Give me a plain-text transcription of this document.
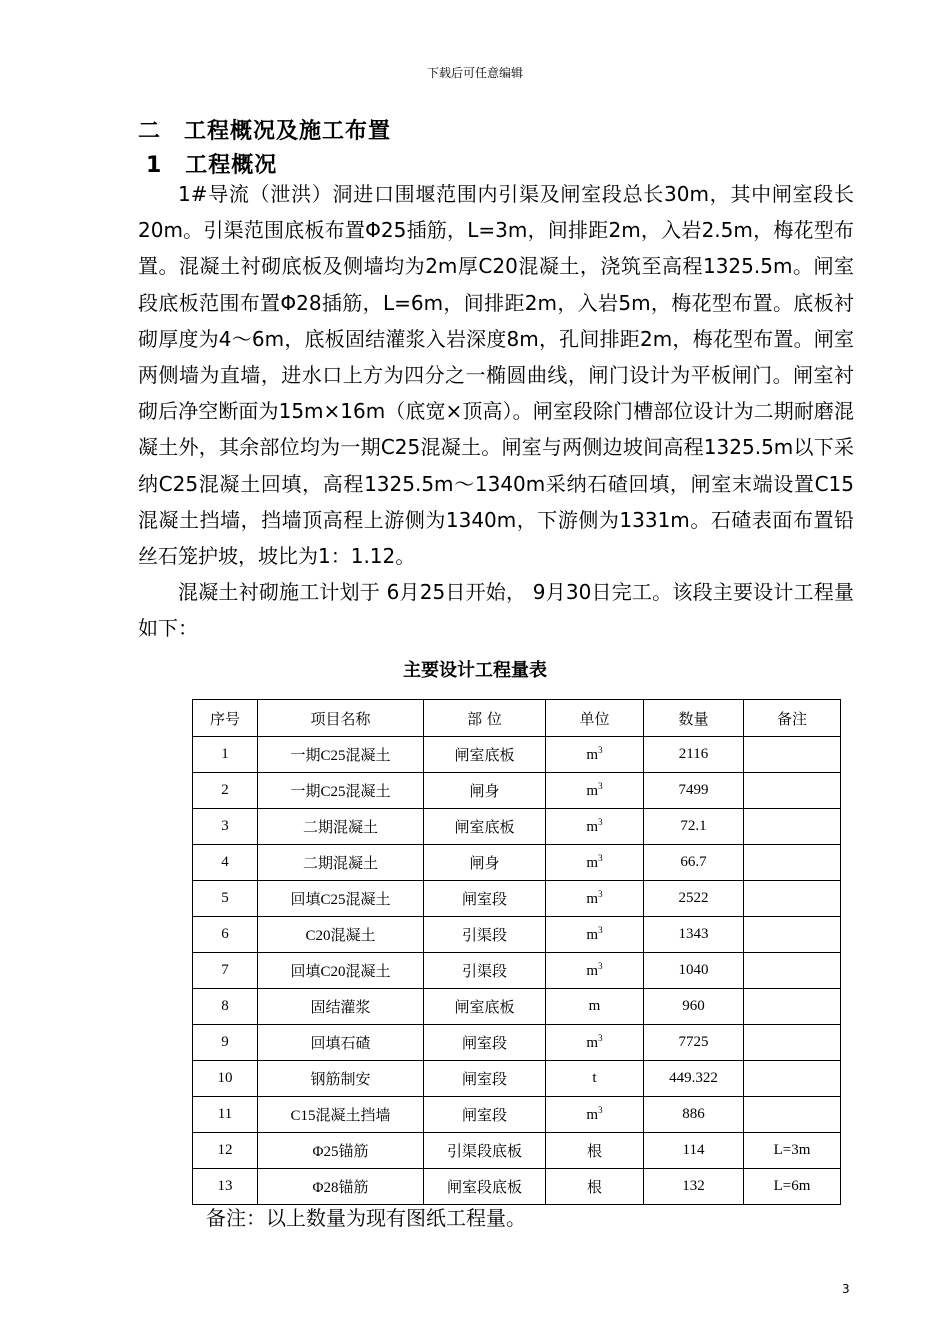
下载后可任意编辑
二　工程概况及施工布置
1　工程概况

1#导流（泄洪）洞进口围堰范围内引渠及闸室段总长30m，其中闸室段长20m。引渠范围底板布置Φ25插筋，L=3m，间排距2m，入岩2.5m，梅花型布置。混凝土衬砌底板及侧墙均为2m厚C20混凝土，浇筑至高程1325.5m。闸室段底板范围布置Φ28插筋，L=6m，间排距2m，入岩5m，梅花型布置。底板衬砌厚度为4～6m，底板固结灌浆入岩深度8m，孔间排距2m，梅花型布置。闸室两侧墙为直墙，进水口上方为四分之一椭圆曲线，闸门设计为平板闸门。闸室衬砌后净空断面为15m×16m（底宽×顶高）。闸室段除门槽部位设计为二期耐磨混凝土外，其余部位均为一期C25混凝土。闸室与两侧边坡间高程1325.5m以下采纳C25混凝土回填，高程1325.5m～1340m采纳石碴回填，闸室末端设置C15混凝土挡墙，挡墙顶高程上游侧为1340m，下游侧为1331m。石碴表面布置铅丝石笼护坡，坡比为1：1.12。

混凝土衬砌施工计划于 6月25日开始， 9月30日完工。该段主要设计工程量如下：

主要设计工程量表
序号	项目名称	部 位	单位	数量	备注
1	一期C25混凝土	闸室底板	$m^3$	2116	
2	一期C25混凝土	闸身	$m^3$	7499	
3	二期混凝土	闸室底板	$m^3$	72.1	
4	二期混凝土	闸身	$m^3$	66.7	
5	回填C25混凝土	闸室段	$m^3$	2522	
6	C20混凝土	引渠段	$m^3$	1343	
7	回填C20混凝土	引渠段	$m^3$	1040	
8	固结灌浆	闸室底板	m	960	
9	回填石碴	闸室段	$m^3$	7725	
10	钢筋制安	闸室段	t	449.322	
11	C15混凝土挡墙	闸室段	$m^3$	886	
12	Φ25锚筋	引渠段底板	根	114	L=3m
13	Φ28锚筋	闸室段底板	根	132	L=6m
备注：以上数量为现有图纸工程量。
3
